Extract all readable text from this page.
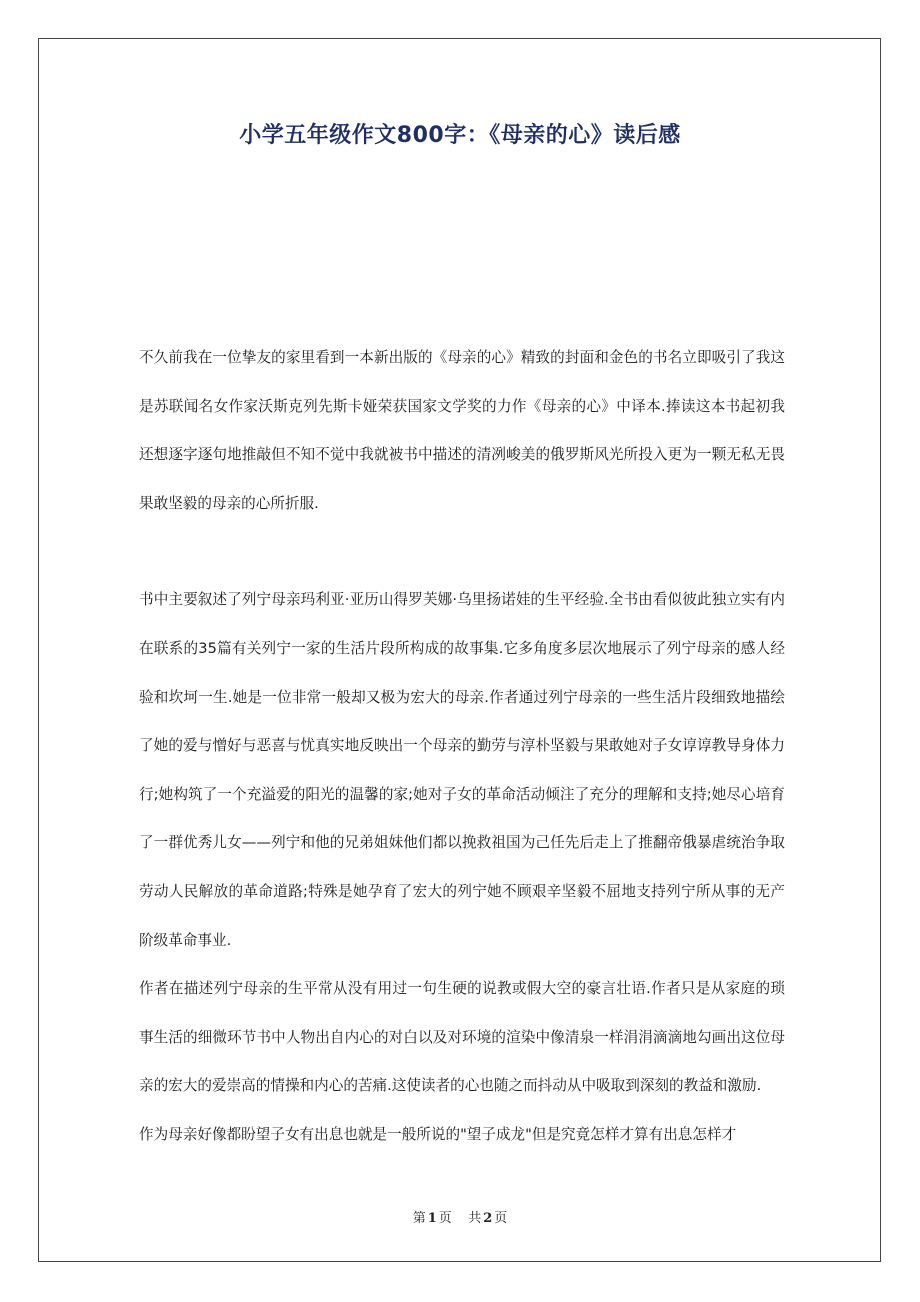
小学五年级作文800字：《母亲的心》读后感

不久前我在一位挚友的家里看到一本新出版的《母亲的心》精致的封面和金色的书名立即吸引了我这是苏联闻名女作家沃斯克列先斯卡娅荣获国家文学奖的力作《母亲的心》中译本.捧读这本书起初我还想逐字逐句地推敲但不知不觉中我就被书中描述的清冽峻美的俄罗斯风光所投入更为一颗无私无畏果敢坚毅的母亲的心所折服.

书中主要叙述了列宁母亲玛利亚·亚历山得罗芙娜·乌里扬诺娃的生平经验.全书由看似彼此独立实有内在联系的35篇有关列宁一家的生活片段所构成的故事集.它多角度多层次地展示了列宁母亲的感人经验和坎坷一生.她是一位非常一般却又极为宏大的母亲.作者通过列宁母亲的一些生活片段细致地描绘了她的爱与憎好与恶喜与忧真实地反映出一个母亲的勤劳与淳朴坚毅与果敢她对子女谆谆教导身体力行;她构筑了一个充溢爱的阳光的温馨的家;她对子女的革命活动倾注了充分的理解和支持;她尽心培育了一群优秀儿女——列宁和他的兄弟姐妹他们都以挽救祖国为己任先后走上了推翻帝俄暴虐统治争取劳动人民解放的革命道路;特殊是她孕育了宏大的列宁她不顾艰辛坚毅不屈地支持列宁所从事的无产阶级革命事业.

作者在描述列宁母亲的生平常从没有用过一句生硬的说教或假大空的豪言壮语.作者只是从家庭的琐事生活的细微环节书中人物出自内心的对白以及对环境的渲染中像清泉一样涓涓滴滴地勾画出这位母亲的宏大的爱崇高的情操和内心的苦痛.这使读者的心也随之而抖动从中吸取到深刻的教益和激励.

作为母亲好像都盼望子女有出息也就是一般所说的"望子成龙"但是究竟怎样才算有出息怎样才

第 1 页 共 2 页
